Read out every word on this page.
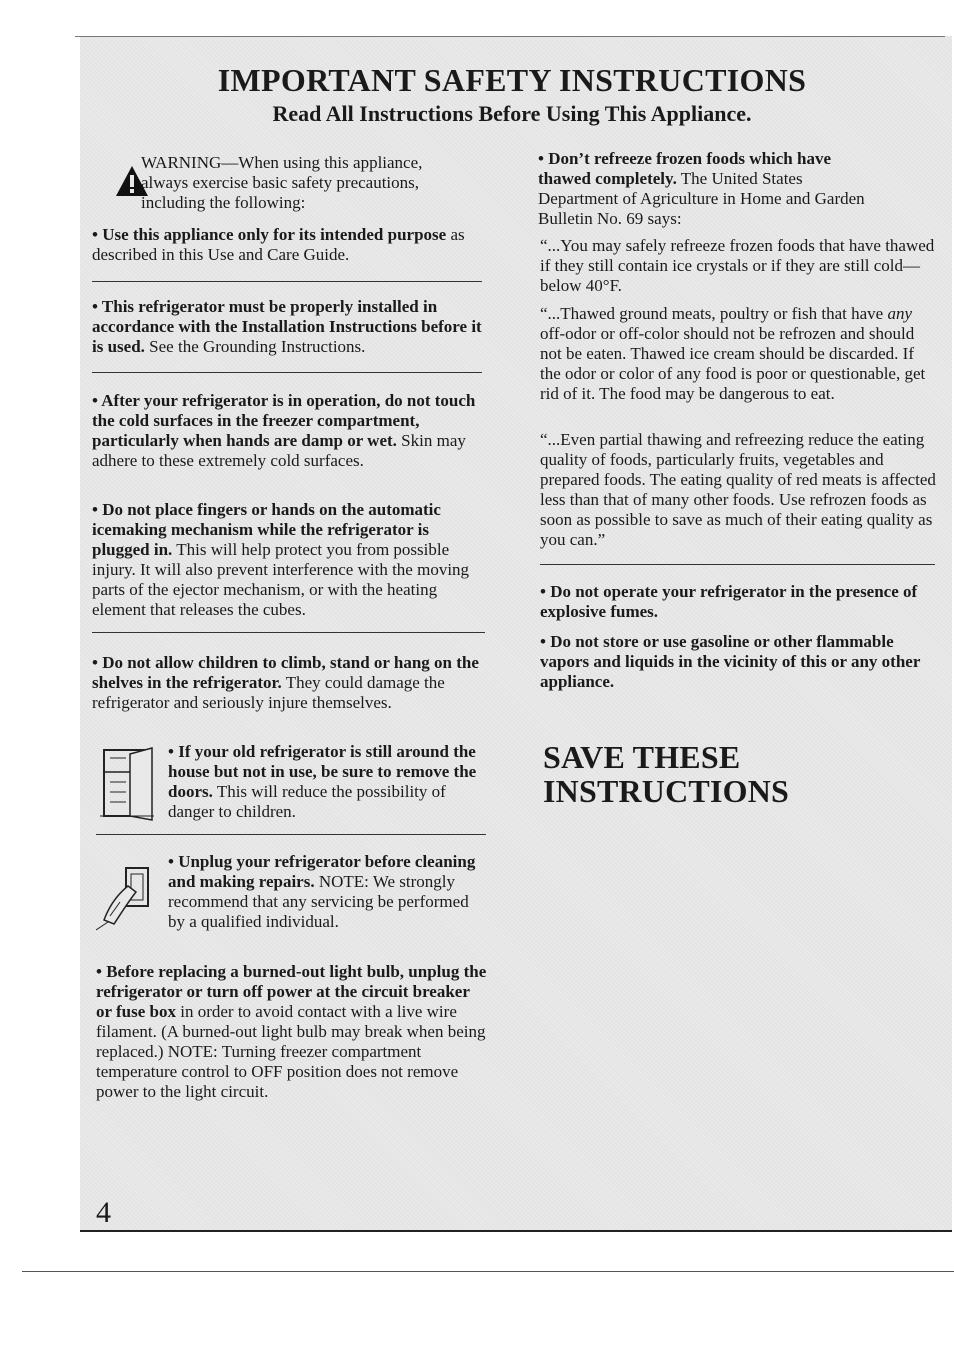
IMPORTANT SAFETY INSTRUCTIONS
Read All Instructions Before Using This Appliance.

WARNING—When using this appliance, always exercise basic safety precautions, including the following:

• Use this appliance only for its intended purpose as described in this Use and Care Guide.

• This refrigerator must be properly installed in accordance with the Installation Instructions before it is used. See the Grounding Instructions.

• After your refrigerator is in operation, do not touch the cold surfaces in the freezer compartment, particularly when hands are damp or wet. Skin may adhere to these extremely cold surfaces.

• Do not place fingers or hands on the automatic icemaking mechanism while the refrigerator is plugged in. This will help protect you from possible injury. It will also prevent interference with the moving parts of the ejector mechanism, or with the heating element that releases the cubes.

• Do not allow children to climb, stand or hang on the shelves in the refrigerator. They could damage the refrigerator and seriously injure themselves.

• If your old refrigerator is still around the house but not in use, be sure to remove the doors. This will reduce the possibility of danger to children.

• Unplug your refrigerator before cleaning and making repairs. NOTE: We strongly recommend that any servicing be performed by a qualified individual.

• Before replacing a burned-out light bulb, unplug the refrigerator or turn off power at the circuit breaker or fuse box in order to avoid contact with a live wire filament. (A burned-out light bulb may break when being replaced.) NOTE: Turning freezer compartment temperature control to OFF position does not remove power to the light circuit.

• Don’t refreeze frozen foods which have thawed completely. The United States Department of Agriculture in Home and Garden Bulletin No. 69 says:

“...You may safely refreeze frozen foods that have thawed if they still contain ice crystals or if they are still cold—below 40°F.

“...Thawed ground meats, poultry or fish that have any off-odor or off-color should not be refrozen and should not be eaten. Thawed ice cream should be discarded. If the odor or color of any food is poor or questionable, get rid of it. The food may be dangerous to eat.

“...Even partial thawing and refreezing reduce the eating quality of foods, particularly fruits, vegetables and prepared foods. The eating quality of red meats is affected less than that of many other foods. Use refrozen foods as soon as possible to save as much of their eating quality as you can.”

• Do not operate your refrigerator in the presence of explosive fumes.

• Do not store or use gasoline or other flammable vapors and liquids in the vicinity of this or any other appliance.

SAVE THESE
INSTRUCTIONS
4
